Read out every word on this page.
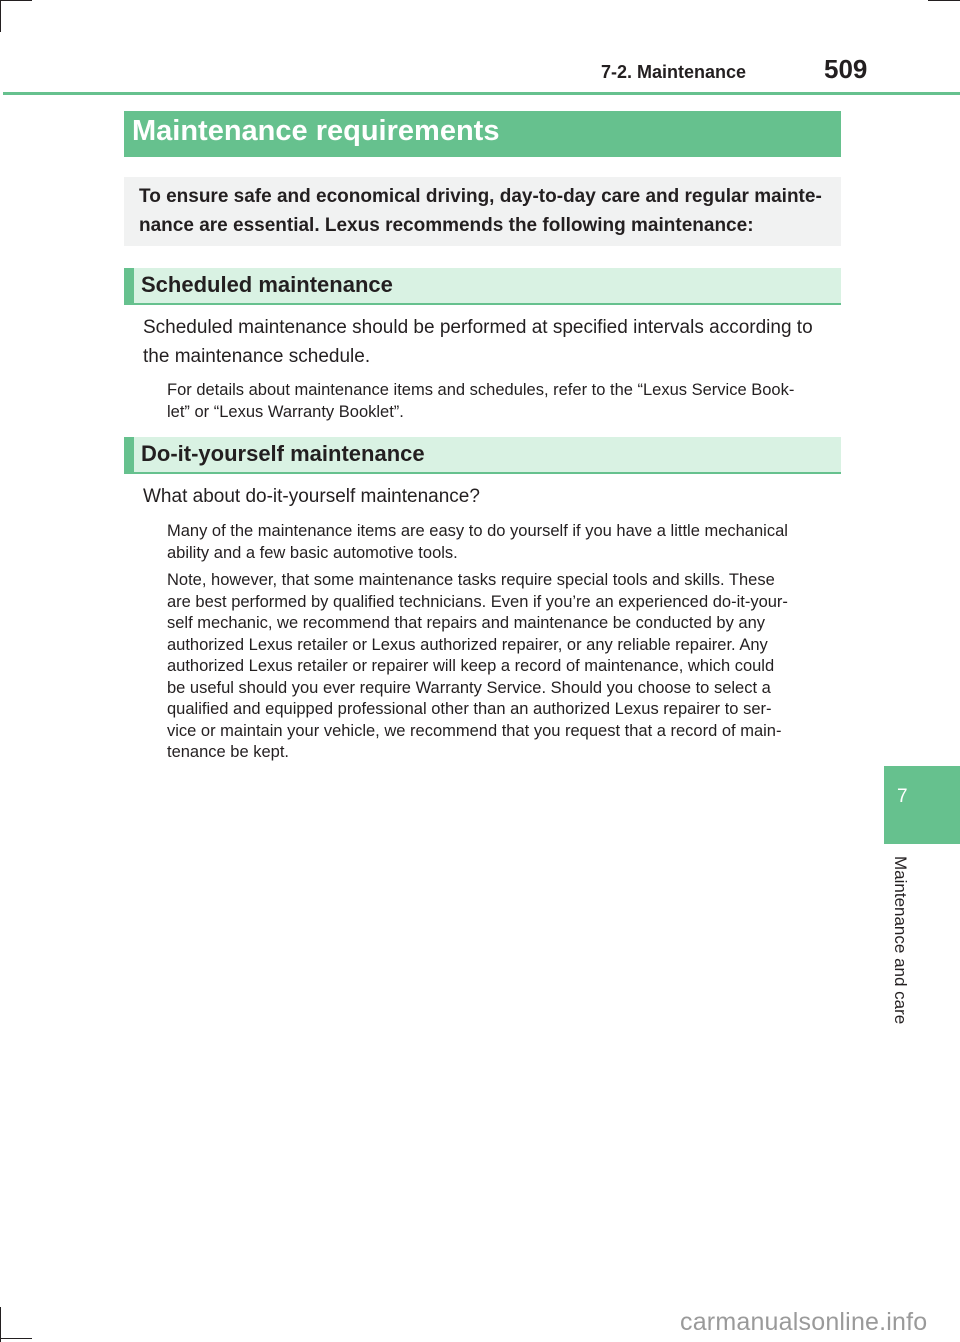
7-2. Maintenance	509
Maintenance requirements
To ensure safe and economical driving, day-to-day care and regular mainte-
nance are essential. Lexus recommends the following maintenance:
Scheduled maintenance
Scheduled maintenance should be performed at specified intervals according to
the maintenance schedule.
For details about maintenance items and schedules, refer to the “Lexus Service Book-
let” or “Lexus Warranty Booklet”.
Do-it-yourself maintenance
What about do-it-yourself maintenance?
Many of the maintenance items are easy to do yourself if you have a little mechanical
ability and a few basic automotive tools.
Note, however, that some maintenance tasks require special tools and skills. These
are best performed by qualified technicians. Even if you’re an experienced do-it-your-
self mechanic, we recommend that repairs and maintenance be conducted by any
authorized Lexus retailer or Lexus authorized repairer, or any reliable repairer. Any
authorized Lexus retailer or repairer will keep a record of maintenance, which could
be useful should you ever require Warranty Service. Should you choose to select a
qualified and equipped professional other than an authorized Lexus repairer to ser-
vice or maintain your vehicle, we recommend that you request that a record of main-
tenance be kept.
7
Maintenance and care
carmanualsonline.info
